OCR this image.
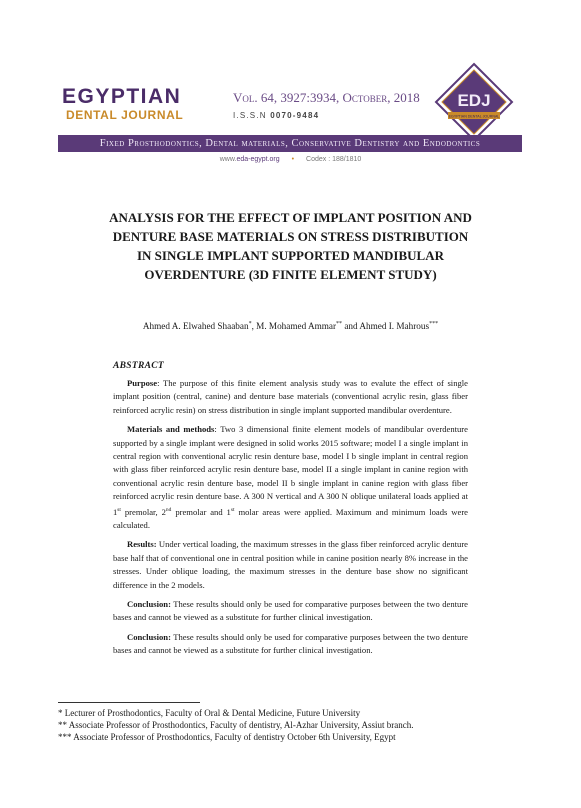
EGYPTIAN
DENTAL JOURNAL
Vol. 64, 3927:3934, October, 2018
I.S.S.N 0070-9484
EDJ
EGYPTIAN DENTAL JOURNAL
Fixed Prosthodontics, Dental materials, Conservative Dentistry and Endodontics
www.eda-egypt.org • Codex : 188/1810
ANALYSIS FOR THE EFFECT OF IMPLANT POSITION AND
DENTURE BASE MATERIALS ON STRESS DISTRIBUTION
IN SINGLE IMPLANT SUPPORTED MANDIBULAR
OVERDENTURE (3D FINITE ELEMENT STUDY)
Ahmed A. Elwahed Shaaban*, M. Mohamed Ammar** and Ahmed I. Mahrous***
ABSTRACT

Purpose: The purpose of this finite element analysis study was to evalute the effect of single implant position (central, canine) and denture base materials (conventional acrylic resin, glass fiber reinforced acrylic resin) on stress distribution in single implant supported mandibular overdenture.

Materials and methods: Two 3 dimensional finite element models of mandibular overdenture supported by a single implant were designed in solid works 2015 software; model I a single implant in central region with conventional acrylic resin denture base, model I b single implant in central region with glass fiber reinforced acrylic resin denture base, model II a single implant in canine region with conventional acrylic resin denture base, model II b single implant in canine region with glass fiber reinforced acrylic resin denture base. A 300 N vertical and A 300 N oblique unilateral loads applied at 1st premolar, 2nd premolar and 1st molar areas were applied. Maximum and minimum loads were calculated.

Results: Under vertical loading, the maximum stresses in the glass fiber reinforced acrylic denture base half that of conventional one in central position while in canine position nearly 8% increase in the stresses. Under oblique loading, the maximum stresses in the denture base show no significant difference in the 2 models.

Conclusion: These results should only be used for comparative purposes between the two denture bases and cannot be viewed as a substitute for further clinical investigation.

Conclusion: These results should only be used for comparative purposes between the two denture bases and cannot be viewed as a substitute for further clinical investigation.

* Lecturer of Prosthodontics, Faculty of Oral & Dental Medicine, Future University
** Associate Professor of Prosthodontics, Faculty of dentistry, Al-Azhar University, Assiut branch.
*** Associate Professor of Prosthodontics, Faculty of dentistry October 6th University, Egypt
